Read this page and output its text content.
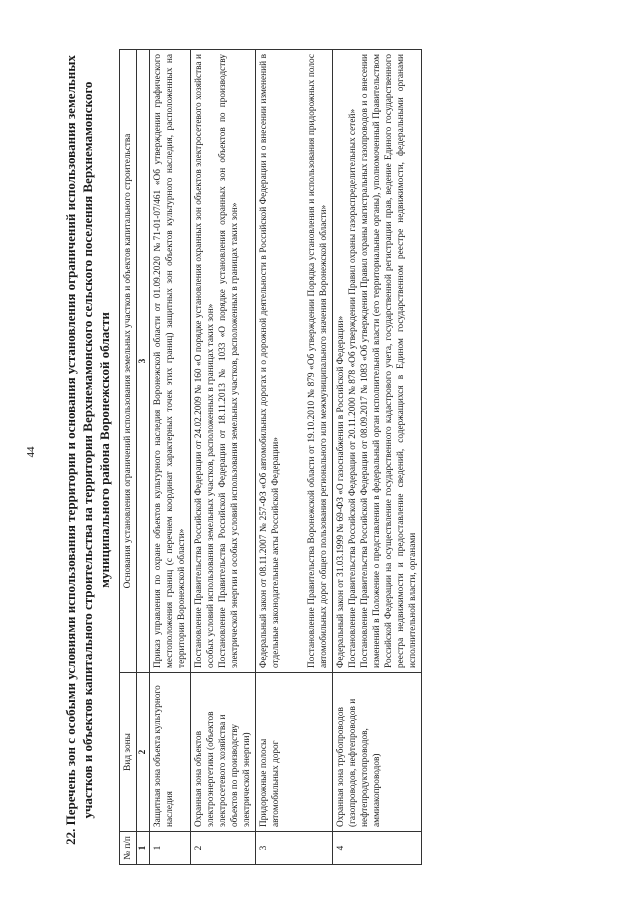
44 22. Перечень зон с особыми условиями использования территории и основания установления ограничений использования земельных участков и объектов капитального строительства на территории Верхнемамонского сельского поселения Верхнемамонского муниципального района Воронежской области
№ п/п	Вид зоны	Основания установления ограничений использования земельных участков и объектов капитального строительства
1	2	3
1	Защитная зона объекта культурного наследия	Приказ управления по охране объектов культурного наследия Воронежской области от 01.09.2020 №71-01-07/461 «Об утверждении графического местоположения границ (с перечнем координат характерных точек этих границ) защитных зон объектов культурного наследия, расположенных на территории Воронежской области»

2	Охранная зона объектов электроэнергетики (объектов электросетевого хозяйства и объектов по производству электрической энергии)	Постановление Правительства Российской Федерации от 24.02.2009 № 160 «О порядке установления охранных зон объектов электросетевого хозяйства и особых условий использования земельных участков, расположенных в границах таких зон» Постановление Правительства Российской Федерации от 18.11.2013 № 1033 «О порядке установления охранных зон объектов по производству электрической энергии и особых условий использования земельных участков, расположенных в границах таких зон»

3	Придорожные полосы автомобильных дорог	Федеральный закон от 08.11.2007 № 257-ФЗ «Об автомобильных дорогах и о дорожной деятельности в Российской Федерации и о внесении изменений в отдельные законодательные акты Российской Федерации» Постановление Правительства Воронежской области от 19.10.2010 № 879 «Об утверждении Порядка установления и использования придорожных полос автомобильных дорог общего пользования регионального или межмуниципального значения Воронежской области»

4	Охранная зона трубопроводов (газопроводов, нефтепроводов и нефтепродуктопроводов, аммиакопроводов)	Федеральный закон от 31.03.1999 № 69-ФЗ «О газоснабжении в Российской Федерации» Постановление Правительства Российской Федерации от 20.11.2000 № 878 «Об утверждении Правил охраны газораспределительных сетей» Постановление Правительства Российской Федерации от 08.09.2017 № 1083 «Об утверждении Правил охраны магистральных газопроводов и о внесении изменений в Положение о представлении в федеральный орган исполнительной власти (его территориальные органы), уполномоченный Правительством Российской Федерации на осуществление государственного кадастрового учета, государственной регистрации прав, ведение Единого государственного реестра недвижимости и предоставление сведений, содержащихся в Едином государственном реестре недвижимости, федеральными органами исполнительной власти, органами
